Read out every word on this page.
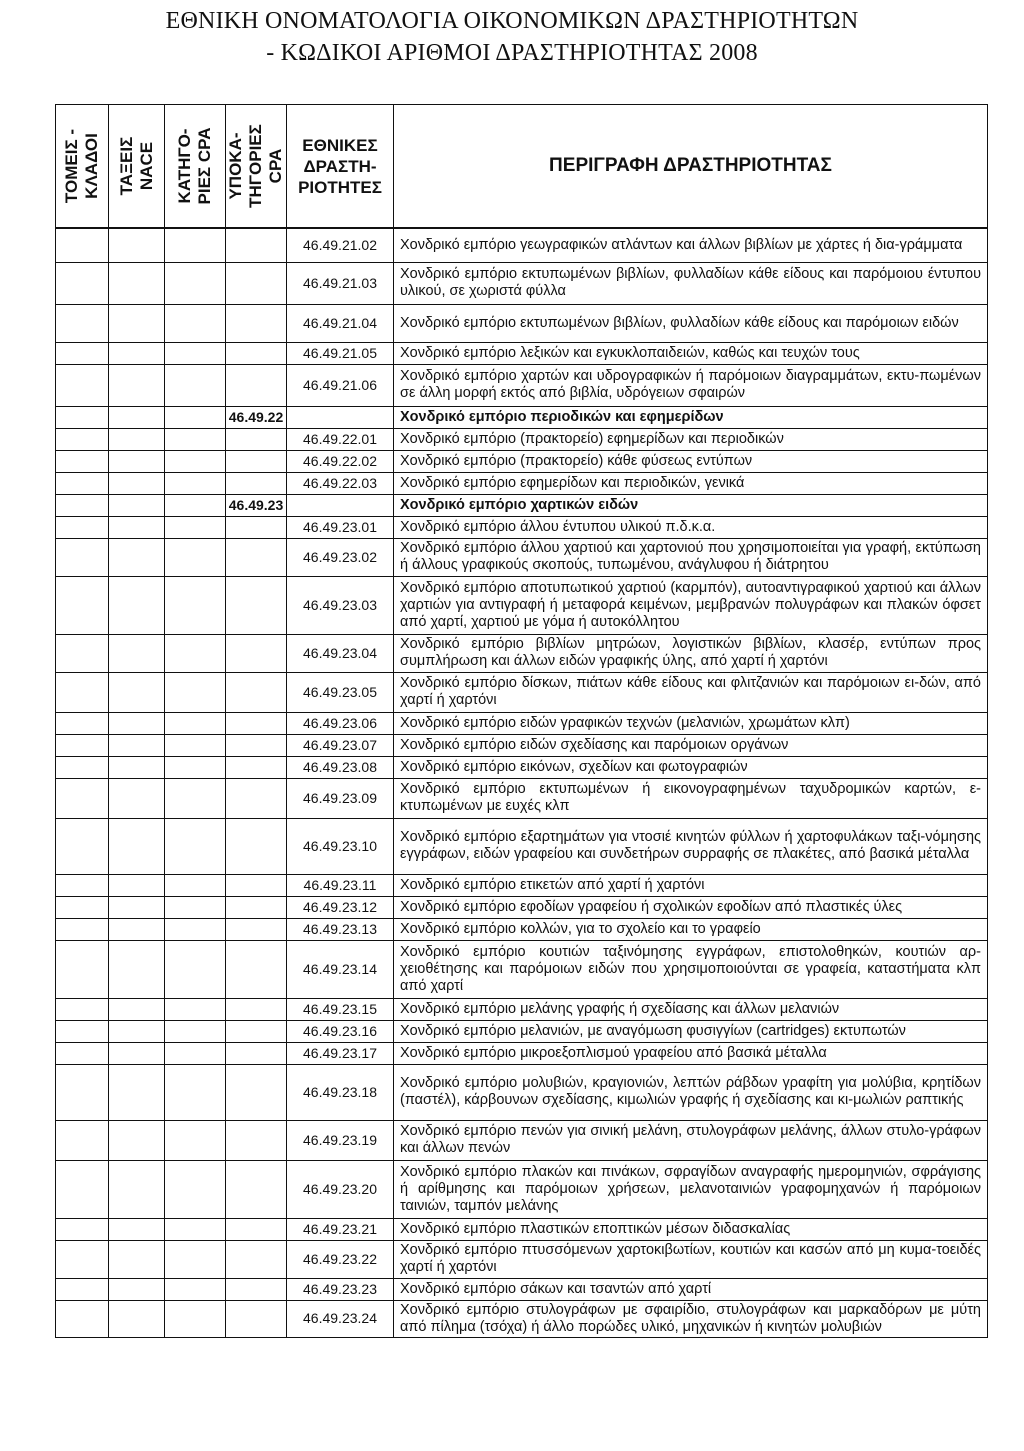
ΕΘΝΙΚΗ ΟΝΟΜΑΤΟΛΟΓΙΑ ΟΙΚΟΝΟΜΙΚΩΝ ΔΡΑΣΤΗΡΙΟΤΗΤΩΝ
- ΚΩΔΙΚΟΙ ΑΡΙΘΜΟΙ ΔΡΑΣΤΗΡΙΟΤΗΤΑΣ 2008
ΤΟΜΕΙΣ - ΚΛΑΔΟΙ	ΤΑΞΕΙΣ NACE	ΚΑΤΗΓΟ- ΡΙΕΣ CPA	ΥΠΟΚΑ- ΤΗΓΟΡΙΕΣ CPA	ΕΘΝΙΚΕΣ ΔΡΑΣΤΗ- ΡΙΟΤΗΤΕΣ	ΠΕΡΙΓΡΑΦΗ ΔΡΑΣΤΗΡΙΟΤΗΤΑΣ

				46.49.21.02	Χονδρικό εμπόριο γεωγραφικών ατλάντων και άλλων βιβλίων με χάρτες ή δια-γράμματα
				46.49.21.03	Χονδρικό εμπόριο εκτυπωμένων βιβλίων, φυλλαδίων κάθε είδους και παρόμοιου έντυπου υλικού, σε χωριστά φύλλα
				46.49.21.04	Χονδρικό εμπόριο εκτυπωμένων βιβλίων, φυλλαδίων κάθε είδους και παρόμοιων ειδών
				46.49.21.05	Χονδρικό εμπόριο λεξικών και εγκυκλοπαιδειών, καθώς και τευχών τους
				46.49.21.06	Χονδρικό εμπόριο χαρτών και υδρογραφικών ή παρόμοιων διαγραμμάτων, εκτυ-πωμένων σε άλλη μορφή εκτός από βιβλία, υδρόγειων σφαιρών
			46.49.22		Χονδρικό εμπόριο περιοδικών και εφημερίδων
				46.49.22.01	Χονδρικό εμπόριο (πρακτορείο) εφημερίδων και περιοδικών
				46.49.22.02	Χονδρικό εμπόριο (πρακτορείο) κάθε φύσεως εντύπων
				46.49.22.03	Χονδρικό εμπόριο εφημερίδων και περιοδικών, γενικά
			46.49.23		Χονδρικό εμπόριο χαρτικών ειδών
				46.49.23.01	Χονδρικό εμπόριο άλλου έντυπου υλικού π.δ.κ.α.
				46.49.23.02	Χονδρικό εμπόριο άλλου χαρτιού και χαρτονιού που χρησιμοποιείται για γραφή, εκτύπωση ή άλλους γραφικούς σκοπούς, τυπωμένου, ανάγλυφου ή διάτρητου
				46.49.23.03	Χονδρικό εμπόριο αποτυπωτικού χαρτιού (καρμπόν), αυτοαντιγραφικού χαρτιού και άλλων χαρτιών για αντιγραφή ή μεταφορά κειμένων, μεμβρανών πολυγράφων και πλακών όφσετ από χαρτί, χαρτιού με γόμα ή αυτοκόλλητου
				46.49.23.04	Χονδρικό εμπόριο βιβλίων μητρώων, λογιστικών βιβλίων, κλασέρ, εντύπων προς συμπλήρωση και άλλων ειδών γραφικής ύλης, από χαρτί ή χαρτόνι
				46.49.23.05	Χονδρικό εμπόριο δίσκων, πιάτων κάθε είδους και φλιτζανιών και παρόμοιων ει-δών, από χαρτί ή χαρτόνι
				46.49.23.06	Χονδρικό εμπόριο ειδών γραφικών τεχνών (μελανιών, χρωμάτων κλπ)
				46.49.23.07	Χονδρικό εμπόριο ειδών σχεδίασης και παρόμοιων οργάνων
				46.49.23.08	Χονδρικό εμπόριο εικόνων, σχεδίων και φωτογραφιών
				46.49.23.09	Χονδρικό εμπόριο εκτυπωμένων ή εικονογραφημένων ταχυδρομικών καρτών, ε-κτυπωμένων με ευχές κλπ
				46.49.23.10	Χονδρικό εμπόριο εξαρτημάτων για ντοσιέ κινητών φύλλων ή χαρτοφυλάκων ταξι-νόμησης εγγράφων, ειδών γραφείου και συνδετήρων συρραφής σε πλακέτες, από βασικά μέταλλα
				46.49.23.11	Χονδρικό εμπόριο ετικετών από χαρτί ή χαρτόνι
				46.49.23.12	Χονδρικό εμπόριο εφοδίων γραφείου ή σχολικών εφοδίων από πλαστικές ύλες
				46.49.23.13	Χονδρικό εμπόριο κολλών, για το σχολείο και το γραφείο
				46.49.23.14	Χονδρικό εμπόριο κουτιών ταξινόμησης εγγράφων, επιστολοθηκών, κουτιών αρ-χειοθέτησης και παρόμοιων ειδών που χρησιμοποιούνται σε γραφεία, καταστήματα κλπ από χαρτί
				46.49.23.15	Χονδρικό εμπόριο μελάνης γραφής ή σχεδίασης και άλλων μελανιών
				46.49.23.16	Χονδρικό εμπόριο μελανιών, με αναγόμωση φυσιγγίων (cartridges) εκτυπωτών
				46.49.23.17	Χονδρικό εμπόριο μικροεξοπλισμού γραφείου από βασικά μέταλλα
				46.49.23.18	Χονδρικό εμπόριο μολυβιών, κραγιονιών, λεπτών ράβδων γραφίτη για μολύβια, κρητίδων (παστέλ), κάρβουνων σχεδίασης, κιμωλιών γραφής ή σχεδίασης και κι-μωλιών ραπτικής
				46.49.23.19	Χονδρικό εμπόριο πενών για σινική μελάνη, στυλογράφων μελάνης, άλλων στυλο-γράφων και άλλων πενών
				46.49.23.20	Χονδρικό εμπόριο πλακών και πινάκων, σφραγίδων αναγραφής ημερομηνιών, σφράγισης ή αρίθμησης και παρόμοιων χρήσεων, μελανοταινιών γραφομηχανών ή παρόμοιων ταινιών, ταμπόν μελάνης
				46.49.23.21	Χονδρικό εμπόριο πλαστικών εποπτικών μέσων διδασκαλίας
				46.49.23.22	Χονδρικό εμπόριο πτυσσόμενων χαρτοκιβωτίων, κουτιών και κασών από μη κυμα-τοειδές χαρτί ή χαρτόνι
				46.49.23.23	Χονδρικό εμπόριο σάκων και τσαντών από χαρτί
				46.49.23.24	Χονδρικό εμπόριο στυλογράφων με σφαιρίδιο, στυλογράφων και μαρκαδόρων με μύτη από πίλημα (τσόχα) ή άλλο πορώδες υλικό, μηχανικών ή κινητών μολυβιών
